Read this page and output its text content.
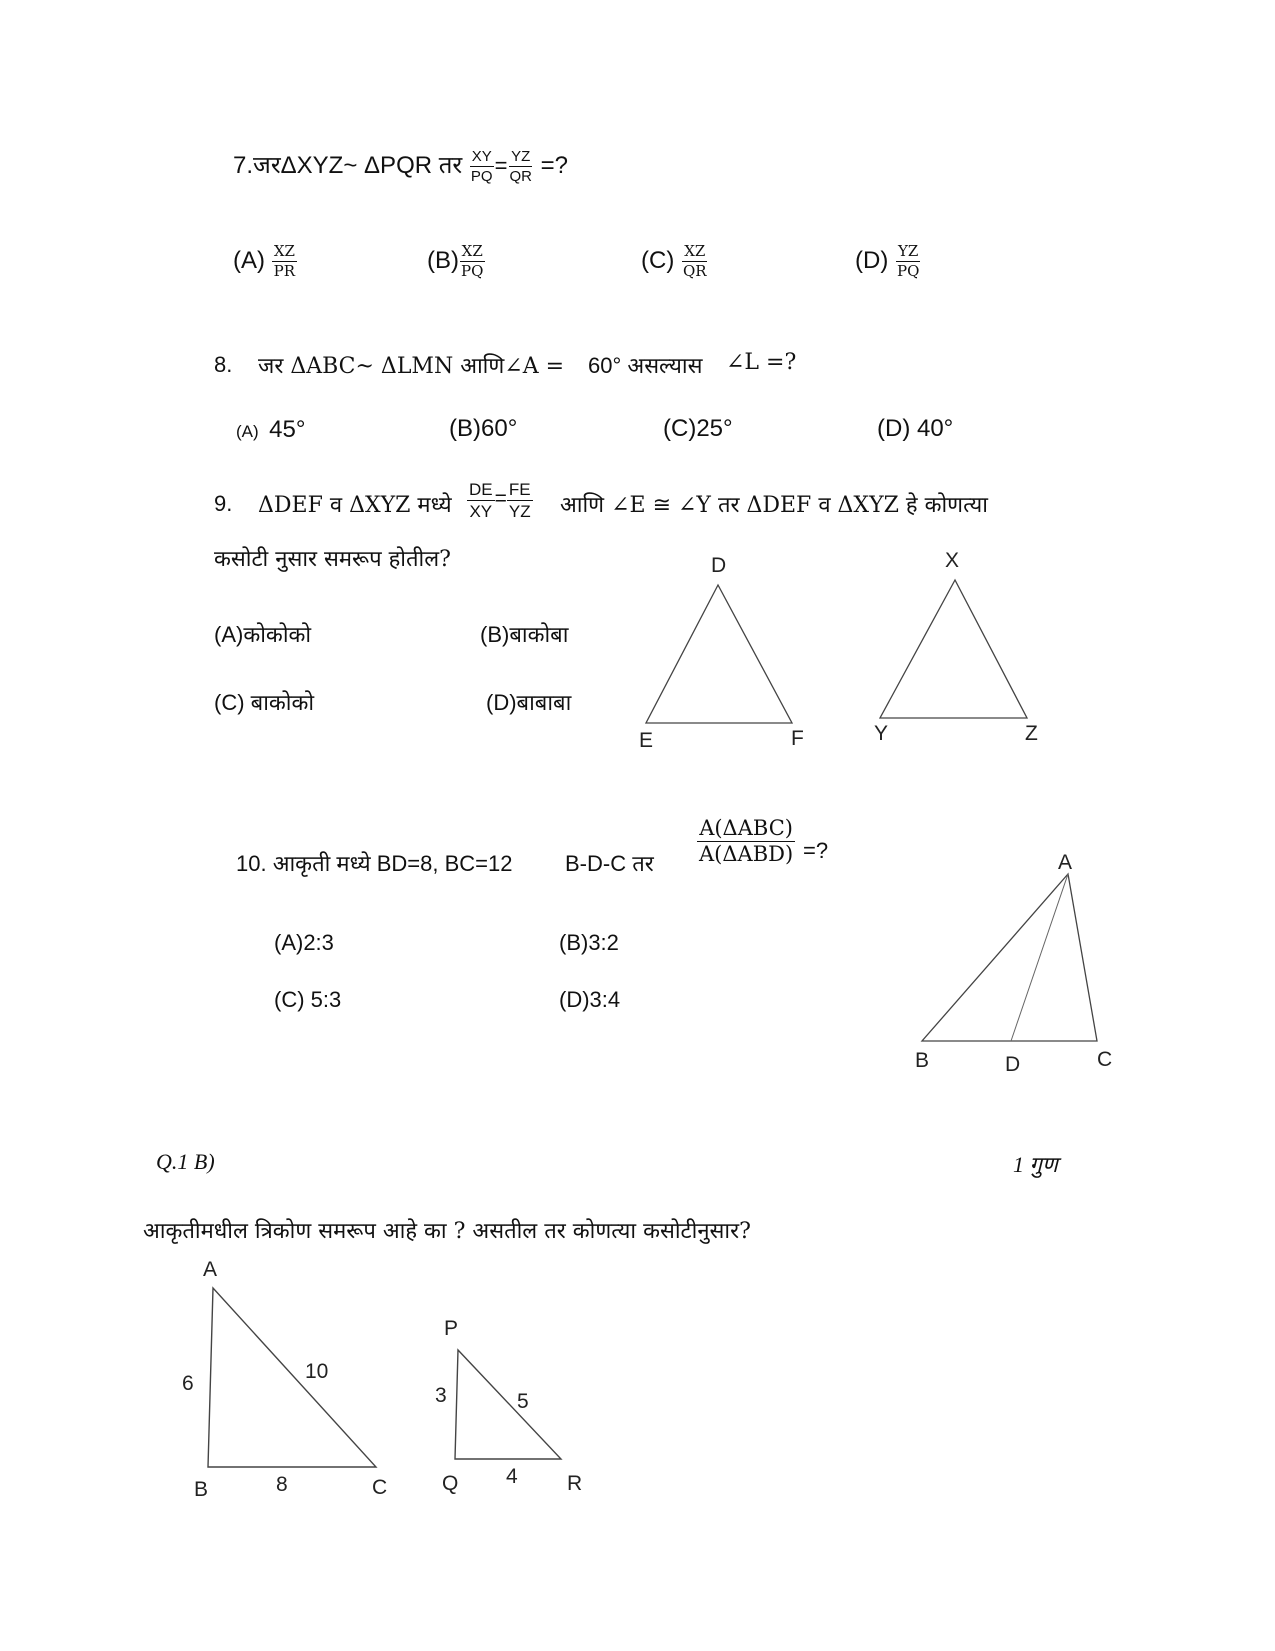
7.जरΔXYZ~ ΔPQR तर $\frac{XY}{PQ} = \frac{YZ}{QR}$ =?
$(A) \frac{XZ}{PR}$	$(B) \frac{XZ}{PQ}$	$(C) \frac{XZ}{QR}$	$(D) \frac{YZ}{PQ}$
8. जर ΔABC~ ΔLMN आणि∠A = 60° असल्यास ∠L =?
(A) 45°	(B)60°	(C)25°	(D) 40°
9. ΔDEF व ΔXYZ मध्ये $\frac{DE}{XY} = \frac{FE}{YZ}$ आणि ∠E ≅ ∠Y तर ΔDEF व ΔXYZ हे कोणत्या
कसोटी नुसार समरूप होतील?
(A)कोकोको	(B)बाकोबा
(C) बाकोको	(D)बाबाबा
10. आकृती मध्ये BD=8, BC=12 B-D-C तर $\frac{\text{A(ΔABC)}}{\text{A(ΔABD)}}$ =?
(A)2:3	(B)3:2
(C) 5:3	(D)3:4
Q.1 B)	1 गुण
आकृतीमधील त्रिकोण समरूप आहे का ? असतील तर कोणत्या कसोटीनुसार?
D
E	F
X
Y	Z
A
B	D	C
A
B	C
6
10
8
P
Q	R
3	5
4
